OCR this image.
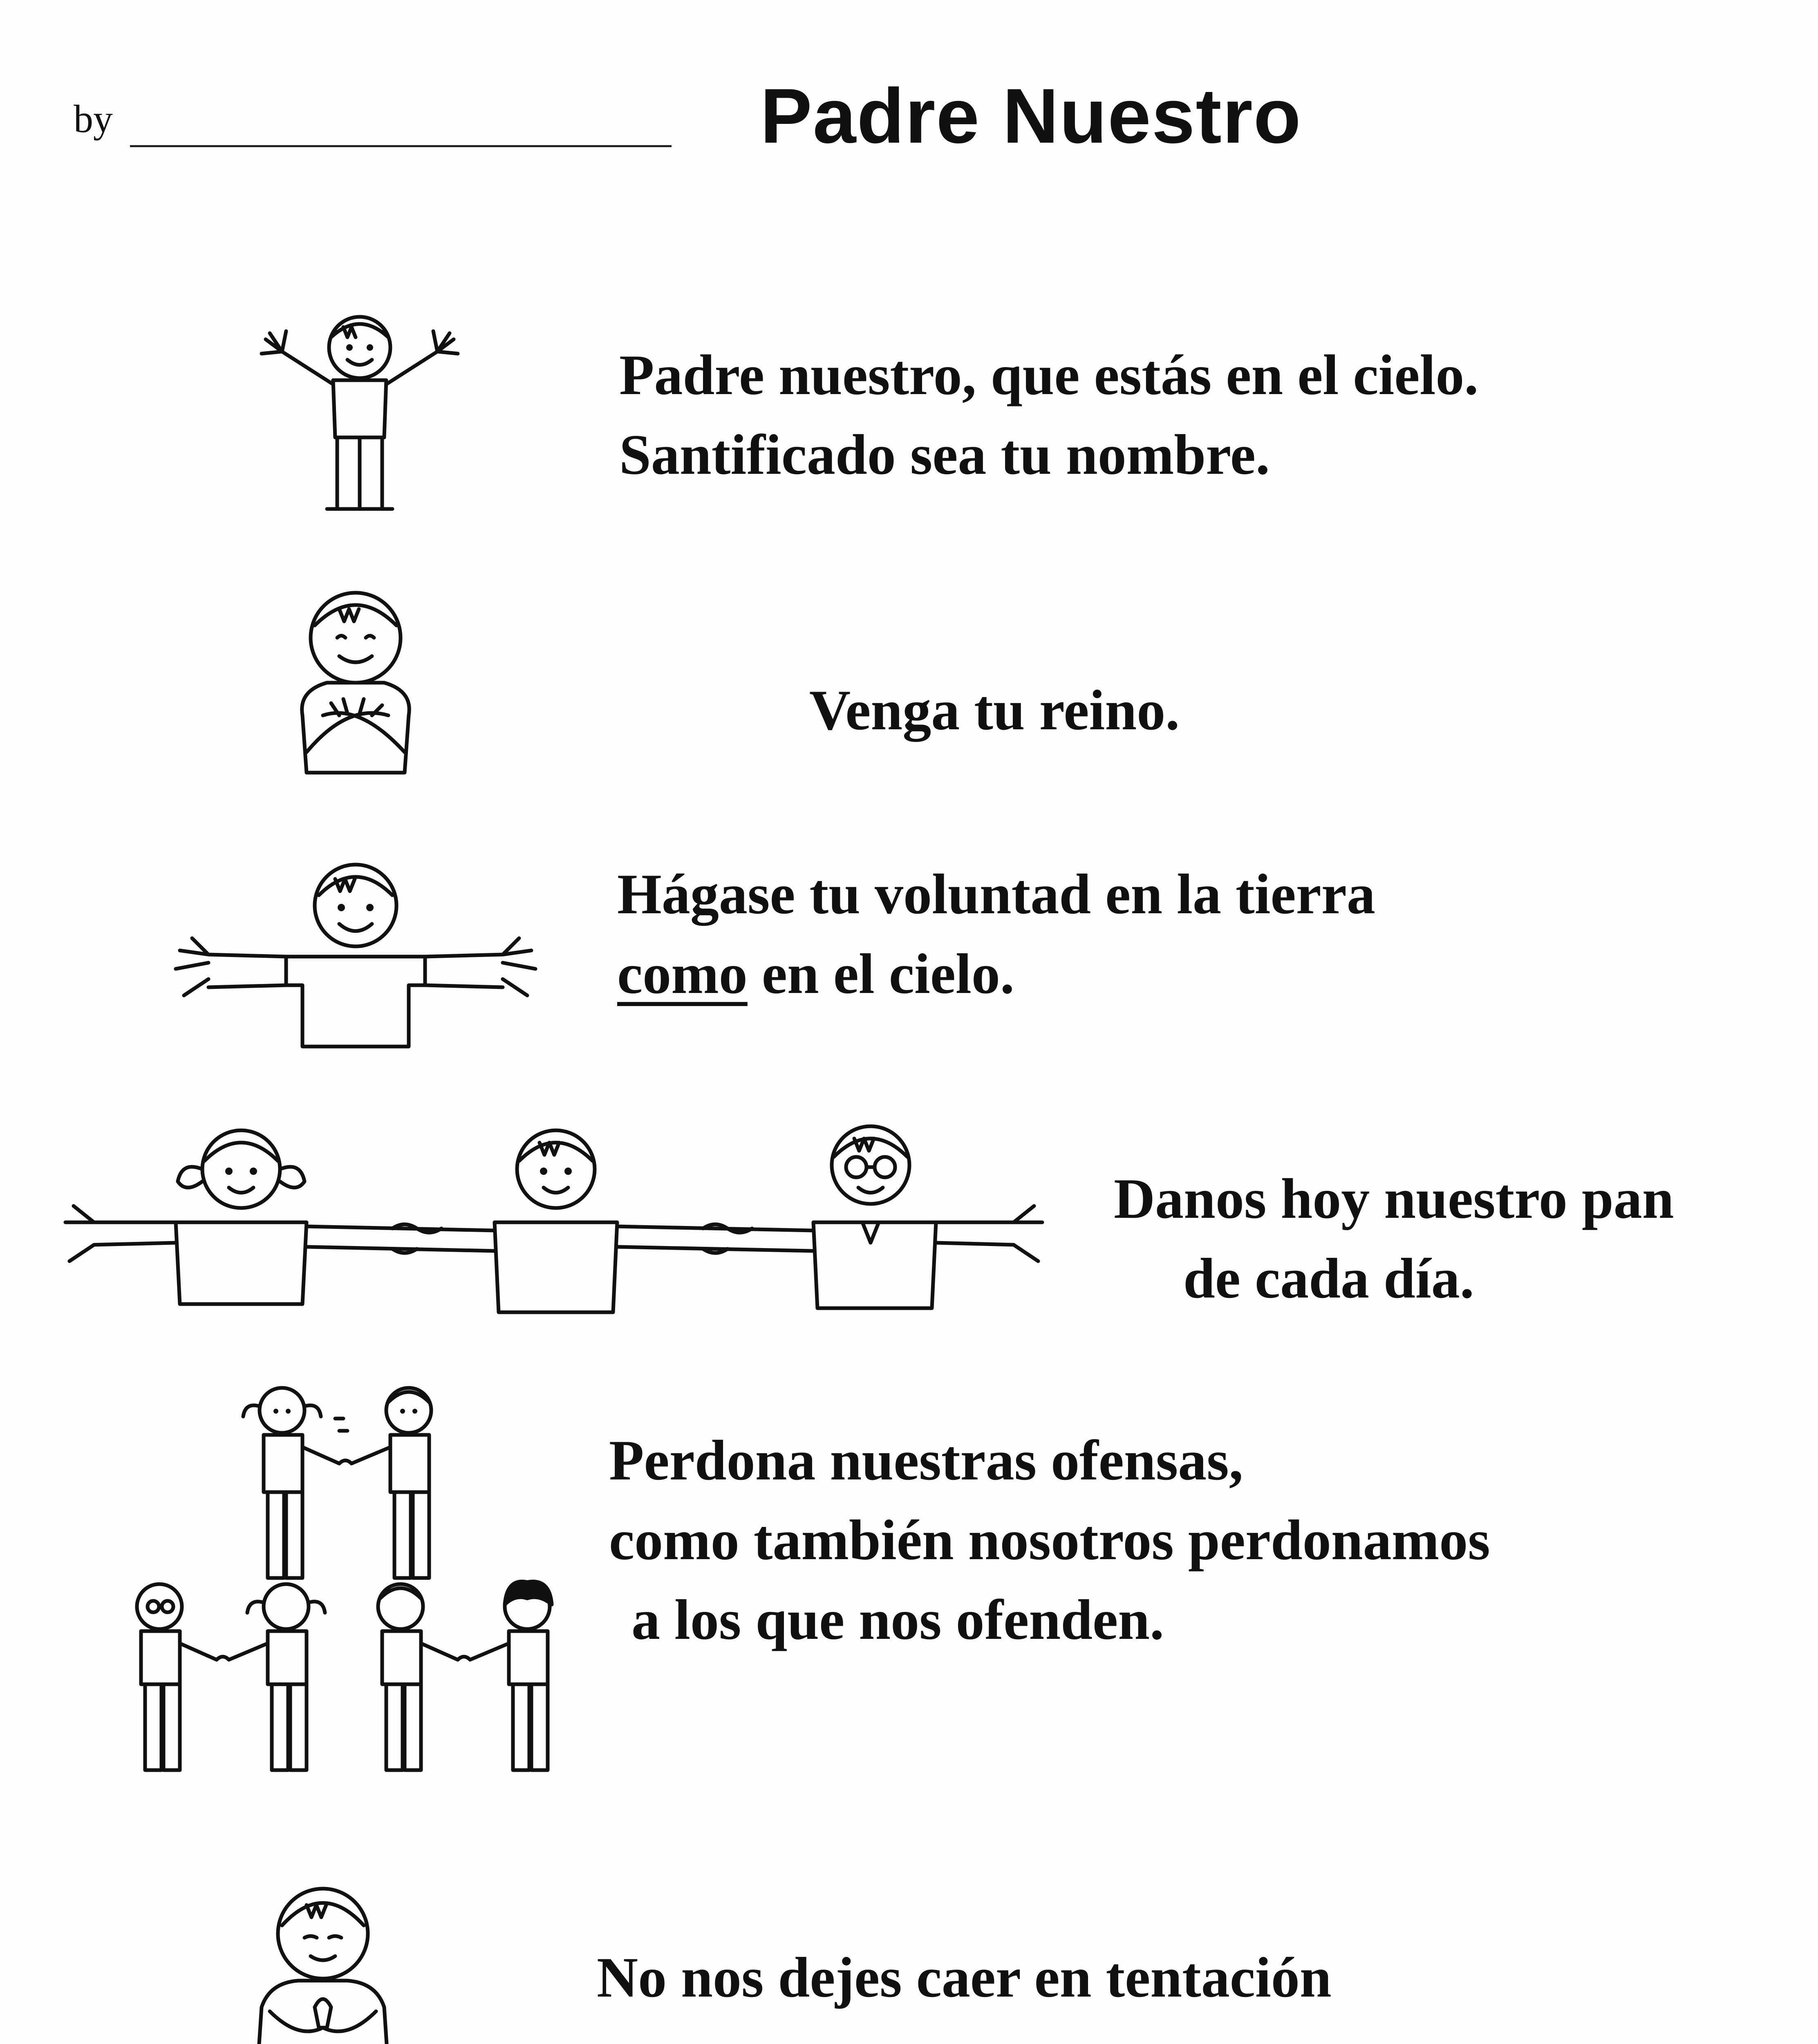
by	Padre Nuestro
Padre nuestro, que estás en el cielo.
Santificado sea tu nombre.
Venga tu reino.
Hágase tu voluntad en la tierra
como en el cielo.
Danos hoy nuestro pan
de cada día.
Perdona nuestras ofensas,
como también nosotros perdonamos
a los que nos ofenden.
No nos dejes caer en tentación
